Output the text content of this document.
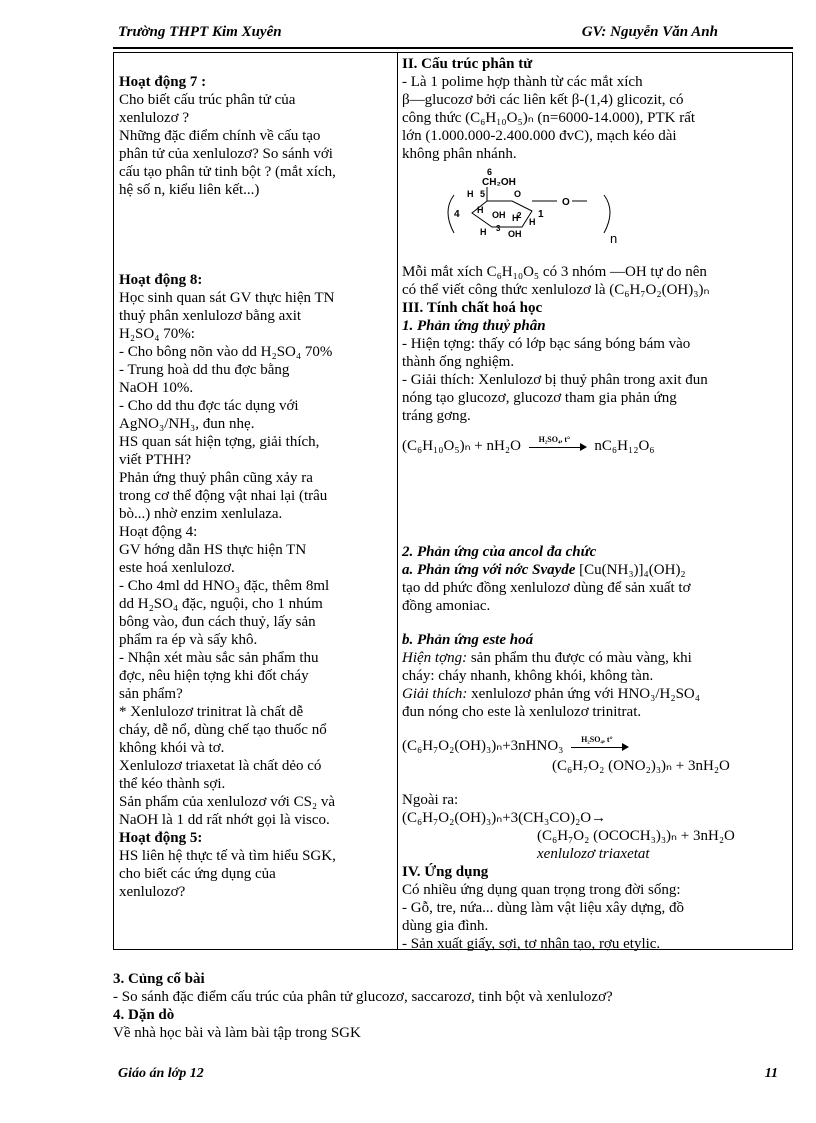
Trường THPT Kim Xuyên	GV: Nguyễn Văn Anh
Hoạt động 7 :
Cho biết cấu trúc phân tử của
xenlulozơ ?
Những đặc điểm chính về cấu tạo
phân tử của xenlulozơ? So sánh với
cấu tạo phân tử tinh bột ? (mắt xích,
hệ số n, kiểu liên kết...)
Hoạt động 8:
Học sinh quan sát GV thực hiện TN
thuỷ phân xenlulozơ bằng axit
H₂SO₄ 70%:
- Cho bông nõn vào dd H₂SO₄ 70%
- Trung hoà dd thu đợc bằng
NaOH 10%.
- Cho dd thu đợc tác dụng với
AgNO₃/NH₃, đun nhẹ.
HS quan sát hiện tợng, giải thích,
viết PTHH?
Phản ứng thuỷ phân cũng xảy ra
trong cơ thể động vật nhai lại (trâu
bò...) nhờ enzim xenlulaza.
Hoạt động 4:
GV hớng dẫn HS thực hiện TN
este hoá xenlulozơ.
- Cho 4ml dd HNO₃ đặc, thêm 8ml
dd H₂SO₄ đặc, nguội, cho 1 nhúm
bông vào, đun cách thuỷ, lấy sản
phẩm ra ép và sấy khô.
- Nhận xét màu sắc sản phẩm thu
đợc, nêu hiện tợng khi đốt cháy
sản phẩm?
* Xenlulozơ trinitrat là chất dễ
cháy, dễ nổ, dùng chế tạo thuốc nổ
không khói và tơ.
Xenlulozơ triaxetat là chất dẻo có
thể kéo thành sợi.
Sản phẩm của xenlulozơ với CS₂ và
NaOH là 1 dd rất nhớt gọi là visco.
Hoạt động 5:
HS liên hệ thực tế và tìm hiểu SGK,
cho biết các ứng dụng của
xenlulozơ?
II. Cấu trúc phân tử
- Là 1 polime hợp thành từ các mắt xích
β—glucozơ bởi các liên kết β-(1,4) glicozit, có
công thức (C₆H₁₀O₅)ₙ (n=6000-14.000), PTK rất
lớn (1.000.000-2.400.000 đvC), mạch kéo dài
không phân nhánh.
6
CH₂OH
H 5	O
4 H OH H
2
H
1
H 3
OH
O
n
Mỗi mắt xích C₆H₁₀O₅ có 3 nhóm —OH tự do nên
có thể viết công thức xenlulozơ là (C₆H₇O₂(OH)₃)ₙ
III. Tính chất hoá học
1. Phản ứng thuỷ phân
- Hiện tợng: thấy có lớp bạc sáng bóng bám vào
thành ống nghiệm.
- Giải thích: Xenlulozơ bị thuỷ phân trong axit đun
nóng tạo glucozơ, glucozơ tham gia phản ứng
tráng gơng.
(C₆H₁₀O₅)ₙ + nH₂O H₂SO₄, t° nC₆H₁₂O₆
2. Phản ứng của ancol đa chức
a. Phản ứng với nớc Svayde [Cu(NH₃)]₄(OH)₂
tạo dd phức đồng xenlulozơ dùng để sản xuất tơ
đồng amoniac.
b. Phản ứng este hoá
Hiện tợng: sản phẩm thu được có màu vàng, khi
cháy: cháy nhanh, không khói, không tàn.
Giải thích: xenlulozơ phản ứng với HNO₃/H₂SO₄
đun nóng cho este là xenlulozơ trinitrat.
(C₆H₇O₂(OH)₃)ₙ+3nHNO₃ H₂SO₄, t°
(C₆H₇O₂ (ONO₂)₃)ₙ + 3nH₂O
Ngoài ra:
(C₆H₇O₂(OH)₃)ₙ+3(CH₃CO)₂O→
(C₆H₇O₂ (OCOCH₃)₃)ₙ + 3nH₂O
xenlulozơ triaxetat
IV. Ứng dụng
Có nhiều ứng dụng quan trọng trong đời sống:
- Gỗ, tre, nứa... dùng làm vật liệu xây dựng, đồ
dùng gia đình.
- Sản xuất giấy, sợi, tơ nhân tạo, rợu etylic.
3. Củng cố bài
- So sánh đặc điểm cấu trúc của phân tử glucozơ, saccarozơ, tinh bột và xenlulozơ?
4. Dặn dò
Về nhà học bài và làm bài tập trong SGK
Giáo án lớp 12	11
